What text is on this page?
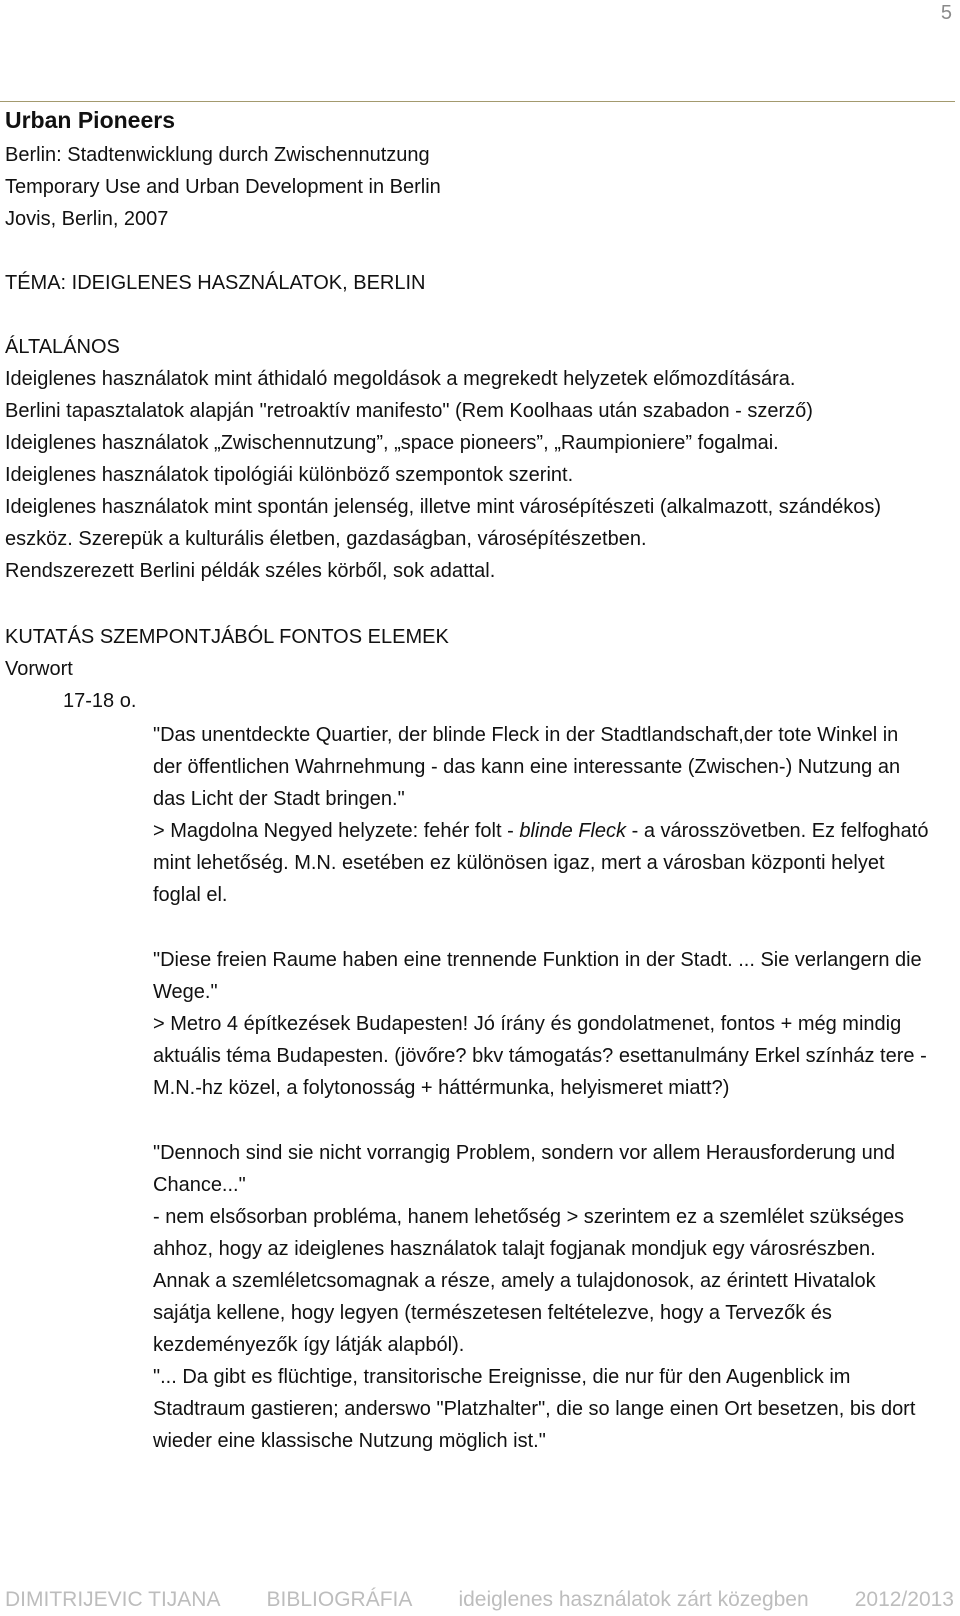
5
Urban Pioneers
Berlin: Stadtenwicklung durch Zwischennutzung
Temporary Use and Urban Development in Berlin
Jovis, Berlin, 2007
TÉMA: IDEIGLENES HASZNÁLATOK, BERLIN
ÁLTALÁNOS
Ideiglenes használatok mint áthidaló megoldások a megrekedt helyzetek előmozdítására.
Berlini tapasztalatok alapján "retroaktív manifesto" (Rem Koolhaas után szabadon - szerző)
Ideiglenes használatok „Zwischennutzung”, „space pioneers”, „Raumpioniere” fogalmai.
Ideiglenes használatok tipológiái különböző szempontok szerint.
Ideiglenes használatok mint spontán jelenség, illetve mint városépítészeti (alkalmazott, szándékos)
eszköz. Szerepük a kulturális életben, gazdaságban, városépítészetben.
Rendszerezett Berlini példák széles körből, sok adattal.
KUTATÁS SZEMPONTJÁBÓL FONTOS ELEMEK
Vorwort
17-18 o.
"Das unentdeckte Quartier, der blinde Fleck in der Stadtlandschaft,der tote Winkel in
der öffentlichen Wahrnehmung - das kann eine interessante (Zwischen-) Nutzung an
das Licht der Stadt bringen."
> Magdolna Negyed helyzete: fehér folt - blinde Fleck - a városszövetben. Ez felfogható
mint lehetőség. M.N. esetében ez különösen igaz, mert a városban központi helyet
foglal el.
"Diese freien Raume haben eine trennende Funktion in der Stadt. ... Sie verlangern die
Wege."
> Metro 4 építkezések Budapesten! Jó írány és gondolatmenet, fontos + még mindig
aktuális téma Budapesten. (jövőre? bkv támogatás? esettanulmány Erkel színház tere -
M.N.-hz közel, a folytonosság + háttérmunka, helyismeret miatt?)
"Dennoch sind sie nicht vorrangig Problem, sondern vor allem Herausforderung und
Chance..."
- nem elsősorban probléma, hanem lehetőség > szerintem ez a szemlélet szükséges
ahhoz, hogy az ideiglenes használatok talajt fogjanak mondjuk egy városrészben.
Annak a szemléletcsomagnak a része, amely a tulajdonosok, az érintett Hivatalok
sajátja kellene, hogy legyen (természetesen feltételezve, hogy a Tervezők és
kezdeményezők így látják alapból).
"... Da gibt es flüchtige, transitorische Ereignisse, die nur für den Augenblick im
Stadtraum gastieren; anderswo "Platzhalter", die so lange einen Ort besetzen, bis dort
wieder eine klassische Nutzung möglich ist."
DIMITRIJEVIC TIJANA BIBLIOGRÁFIA ideiglenes használatok zárt közegben 2012/2013
